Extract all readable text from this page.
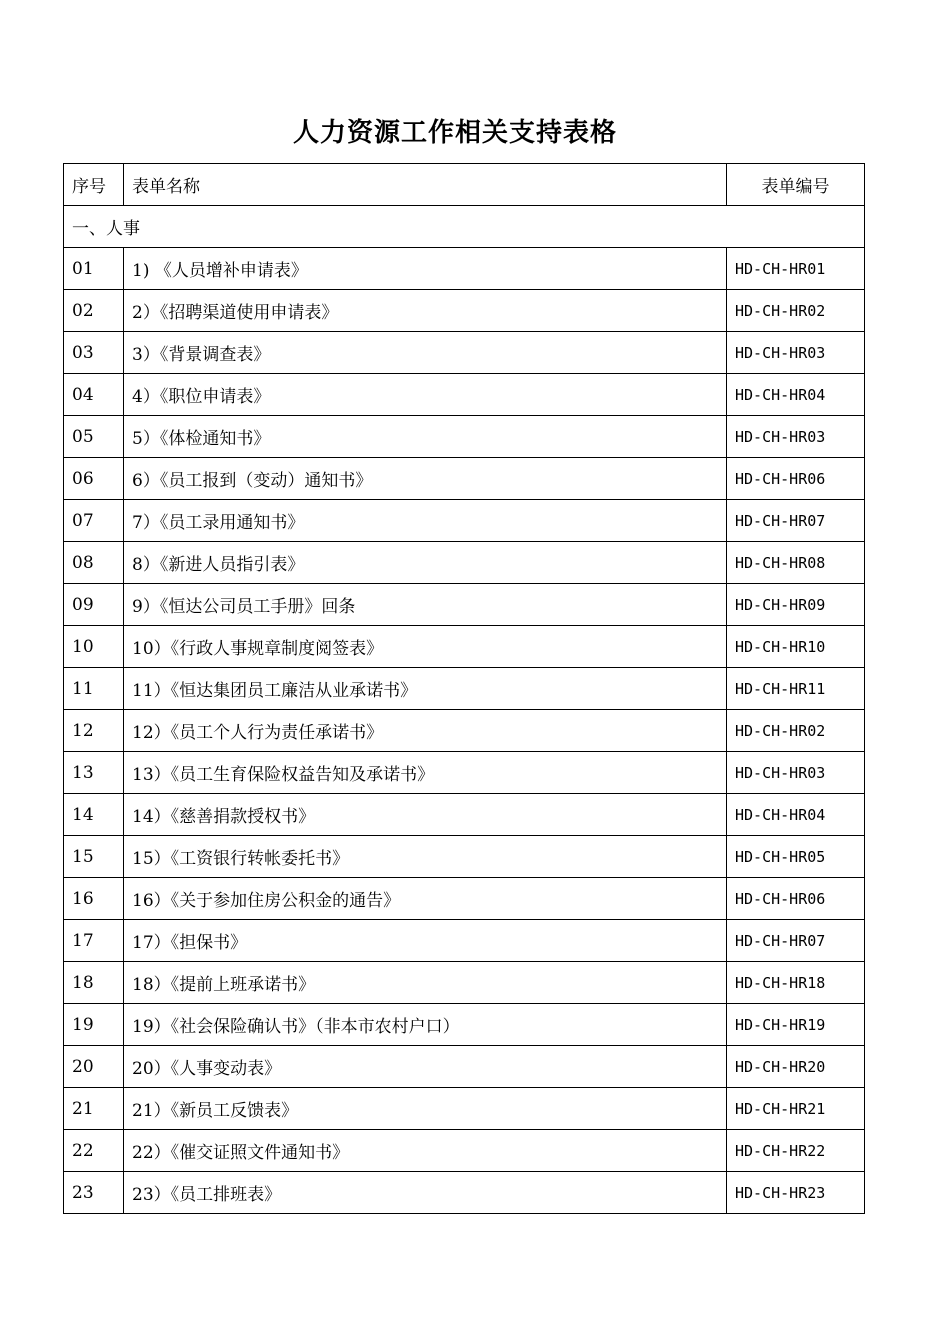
人力资源工作相关支持表格
序号	表单名称	表单编号
一、人事		
01	1) 《人员增补申请表》	HD-CH-HR01
02	2）《招聘渠道使用申请表》	HD-CH-HR02
03	3）《背景调查表》	HD-CH-HR03
04	4）《职位申请表》	HD-CH-HR04
05	5）《体检通知书》	HD-CH-HR03
06	6）《员工报到（变动）通知书》	HD-CH-HR06
07	7）《员工录用通知书》	HD-CH-HR07
08	8）《新进人员指引表》	HD-CH-HR08
09	9）《恒达公司员工手册》回条	HD-CH-HR09
10	10）《行政人事规章制度阅签表》	HD-CH-HR10
11	11）《恒达集团员工廉洁从业承诺书》	HD-CH-HR11
12	12）《员工个人行为责任承诺书》	HD-CH-HR02
13	13）《员工生育保险权益告知及承诺书》	HD-CH-HR03
14	14）《慈善捐款授权书》	HD-CH-HR04
15	15）《工资银行转帐委托书》	HD-CH-HR05
16	16）《关于参加住房公积金的通告》	HD-CH-HR06
17	17）《担保书》	HD-CH-HR07
18	18）《提前上班承诺书》	HD-CH-HR18
19	19）《社会保险确认书》（非本市农村户口）	HD-CH-HR19
20	20）《人事变动表》	HD-CH-HR20
21	21）《新员工反馈表》	HD-CH-HR21
22	22）《催交证照文件通知书》	HD-CH-HR22
23	23）《员工排班表》	HD-CH-HR23
